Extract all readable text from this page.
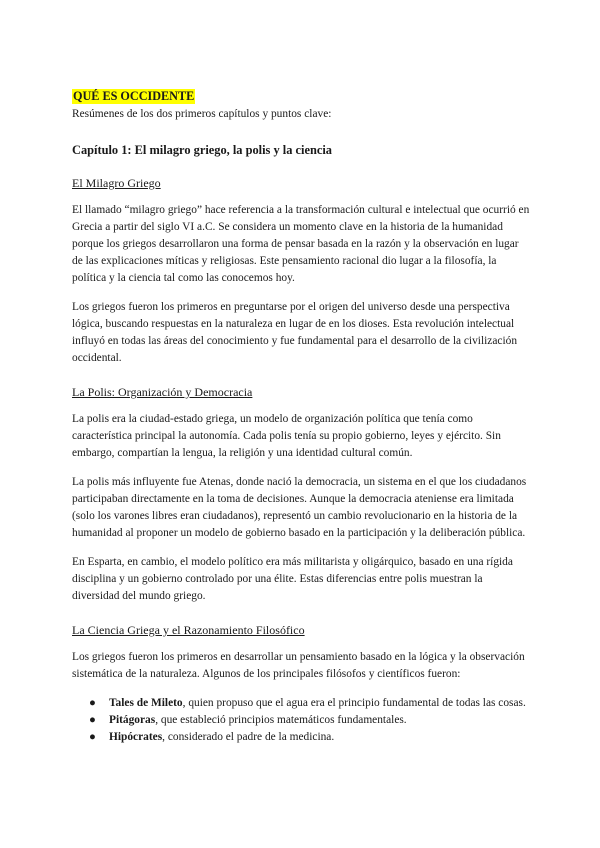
QUÉ ES OCCIDENTE

Resúmenes de los dos primeros capítulos y puntos clave:

Capítulo 1: El milagro griego, la polis y la ciencia
El Milagro Griego

El llamado “milagro griego” hace referencia a la transformación cultural e intelectual que ocurrió en Grecia a partir del siglo VI a.C. Se considera un momento clave en la historia de la humanidad porque los griegos desarrollaron una forma de pensar basada en la razón y la observación en lugar de las explicaciones míticas y religiosas. Este pensamiento racional dio lugar a la filosofía, la política y la ciencia tal como las conocemos hoy.

Los griegos fueron los primeros en preguntarse por el origen del universo desde una perspectiva lógica, buscando respuestas en la naturaleza en lugar de en los dioses. Esta revolución intelectual influyó en todas las áreas del conocimiento y fue fundamental para el desarrollo de la civilización occidental.

La Polis: Organización y Democracia

La polis era la ciudad-estado griega, un modelo de organización política que tenía como característica principal la autonomía. Cada polis tenía su propio gobierno, leyes y ejército. Sin embargo, compartían la lengua, la religión y una identidad cultural común.

La polis más influyente fue Atenas, donde nació la democracia, un sistema en el que los ciudadanos participaban directamente en la toma de decisiones. Aunque la democracia ateniense era limitada (solo los varones libres eran ciudadanos), representó un cambio revolucionario en la historia de la humanidad al proponer un modelo de gobierno basado en la participación y la deliberación pública.

En Esparta, en cambio, el modelo político era más militarista y oligárquico, basado en una rígida disciplina y un gobierno controlado por una élite. Estas diferencias entre polis muestran la diversidad del mundo griego.

La Ciencia Griega y el Razonamiento Filosófico

Los griegos fueron los primeros en desarrollar un pensamiento basado en la lógica y la observación sistemática de la naturaleza. Algunos de los principales filósofos y científicos fueron:

● Tales de Mileto, quien propuso que el agua era el principio fundamental de todas las cosas.
● Pitágoras, que estableció principios matemáticos fundamentales.
● Hipócrates, considerado el padre de la medicina.
